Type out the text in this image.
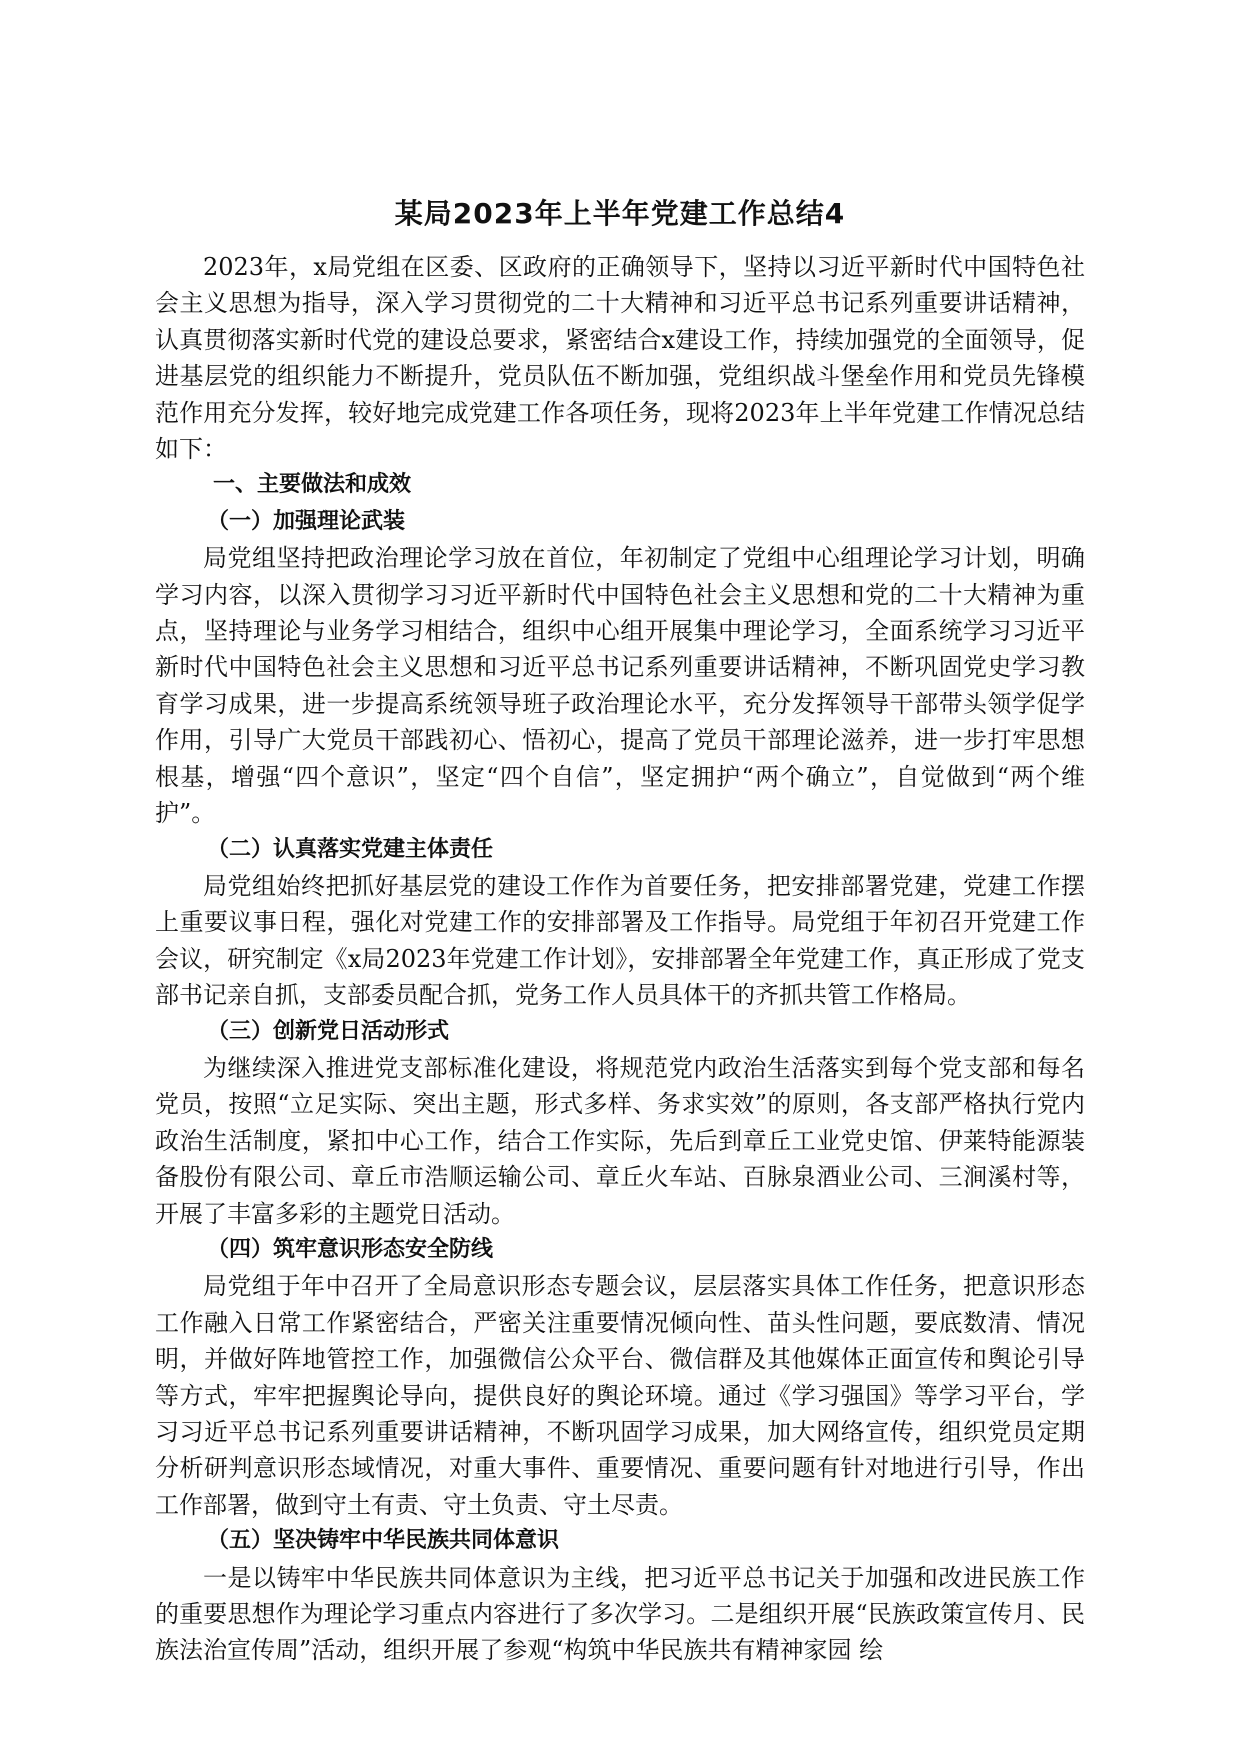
某局2023年上半年党建工作总结4

2023年，x局党组在区委、区政府的正确领导下，坚持以习近平新时代中国特色社会主义思想为指导，深入学习贯彻党的二十大精神和习近平总书记系列重要讲话精神，认真贯彻落实新时代党的建设总要求，紧密结合x建设工作，持续加强党的全面领导，促进基层党的组织能力不断提升，党员队伍不断加强，党组织战斗堡垒作用和党员先锋模范作用充分发挥，较好地完成党建工作各项任务，现将2023年上半年党建工作情况总结如下：

一、主要做法和成效

（一）加强理论武装

局党组坚持把政治理论学习放在首位，年初制定了党组中心组理论学习计划，明确学习内容，以深入贯彻学习习近平新时代中国特色社会主义思想和党的二十大精神为重点，坚持理论与业务学习相结合，组织中心组开展集中理论学习，全面系统学习习近平新时代中国特色社会主义思想和习近平总书记系列重要讲话精神，不断巩固党史学习教育学习成果，进一步提高系统领导班子政治理论水平，充分发挥领导干部带头领学促学作用，引导广大党员干部践初心、悟初心，提高了党员干部理论滋养，进一步打牢思想根基，增强“四个意识”，坚定“四个自信”，坚定拥护“两个确立”，自觉做到“两个维护”。

（二）认真落实党建主体责任

局党组始终把抓好基层党的建设工作作为首要任务，把安排部署党建，党建工作摆上重要议事日程，强化对党建工作的安排部署及工作指导。局党组于年初召开党建工作会议，研究制定《x局2023年党建工作计划》，安排部署全年党建工作，真正形成了党支部书记亲自抓，支部委员配合抓，党务工作人员具体干的齐抓共管工作格局。

（三）创新党日活动形式

为继续深入推进党支部标准化建设，将规范党内政治生活落实到每个党支部和每名党员，按照“立足实际、突出主题，形式多样、务求实效”的原则，各支部严格执行党内政治生活制度，紧扣中心工作，结合工作实际，先后到章丘工业党史馆、伊莱特能源装备股份有限公司、章丘市浩顺运输公司、章丘火车站、百脉泉酒业公司、三涧溪村等，开展了丰富多彩的主题党日活动。

（四）筑牢意识形态安全防线

局党组于年中召开了全局意识形态专题会议，层层落实具体工作任务，把意识形态工作融入日常工作紧密结合，严密关注重要情况倾向性、苗头性问题，要底数清、情况明，并做好阵地管控工作，加强微信公众平台、微信群及其他媒体正面宣传和舆论引导等方式，牢牢把握舆论导向，提供良好的舆论环境。通过《学习强国》等学习平台，学习习近平总书记系列重要讲话精神，不断巩固学习成果，加大网络宣传，组织党员定期分析研判意识形态域情况，对重大事件、重要情况、重要问题有针对地进行引导，作出工作部署，做到守土有责、守土负责、守土尽责。

（五）坚决铸牢中华民族共同体意识

一是以铸牢中华民族共同体意识为主线，把习近平总书记关于加强和改进民族工作的重要思想作为理论学习重点内容进行了多次学习。二是组织开展“民族政策宣传月、民族法治宣传周”活动，组织开展了参观“构筑中华民族共有精神家园 绘
